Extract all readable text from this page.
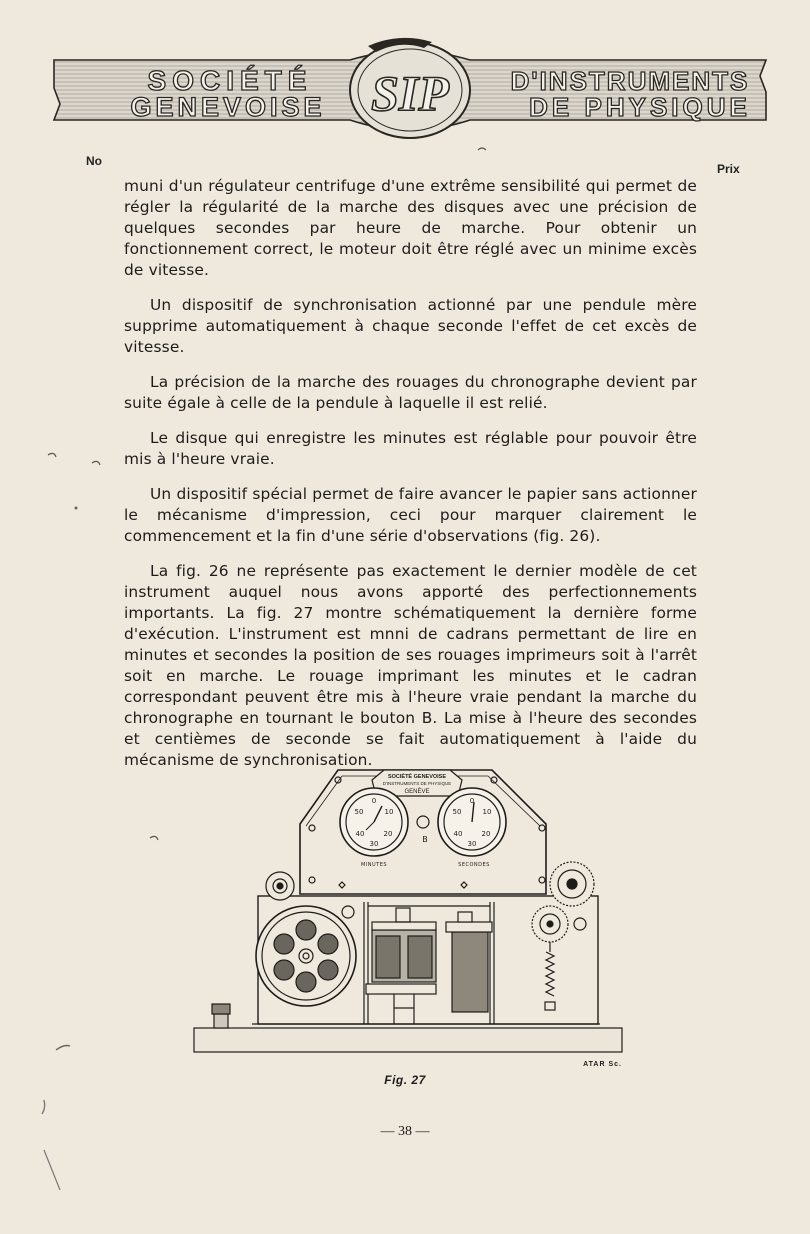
SIP
SOCIÉTÉ
GENEVOISE
D'INSTRUMENTS
DE PHYSIQUE
No
Prix

muni d'un régulateur centrifuge d'une extrême sensibilité qui permet de régler la régularité de la marche des disques avec une précision de quelques secondes par heure de marche. Pour obtenir un fonctionnement correct, le moteur doit être réglé avec un minime excès de vitesse.

Un dispositif de synchronisation actionné par une pendule mère supprime automatiquement à chaque seconde l'effet de cet excès de vitesse.

La précision de la marche des rouages du chronographe devient par suite égale à celle de la pendule à laquelle il est relié.

Le disque qui enregistre les minutes est réglable pour pouvoir être mis à l'heure vraie.

Un dispositif spécial permet de faire avancer le papier sans actionner le mécanisme d'impression, ceci pour marquer clairement le commencement et la fin d'une série d'observations (fig. 26).

La fig. 26 ne représente pas exactement le dernier modèle de cet instrument auquel nous avons apporté des perfectionnements importants. La fig. 27 montre schématiquement la dernière forme d'exécution. L'instrument est mnni de cadrans permettant de lire en minutes et secondes la position de ses rouages imprimeurs soit à l'arrêt soit en marche. Le rouage imprimant les minutes et le cadran correspondant peuvent être mis à l'heure vraie pendant la marche du chronographe en tournant le bouton B. La mise à l'heure des secondes et centièmes de seconde se fait automatiquement à l'aide du mécanisme de synchronisation.

SOCIÉTÉ GENEVOISE
D'INSTRUMENTS DE PHYSIQUE
GENÈVE
0
10
20
30
40
50
0
10
20
30
40
50
B
MINUTES	SECONDES
ATAR Sc.
Fig. 27
— 38 —
